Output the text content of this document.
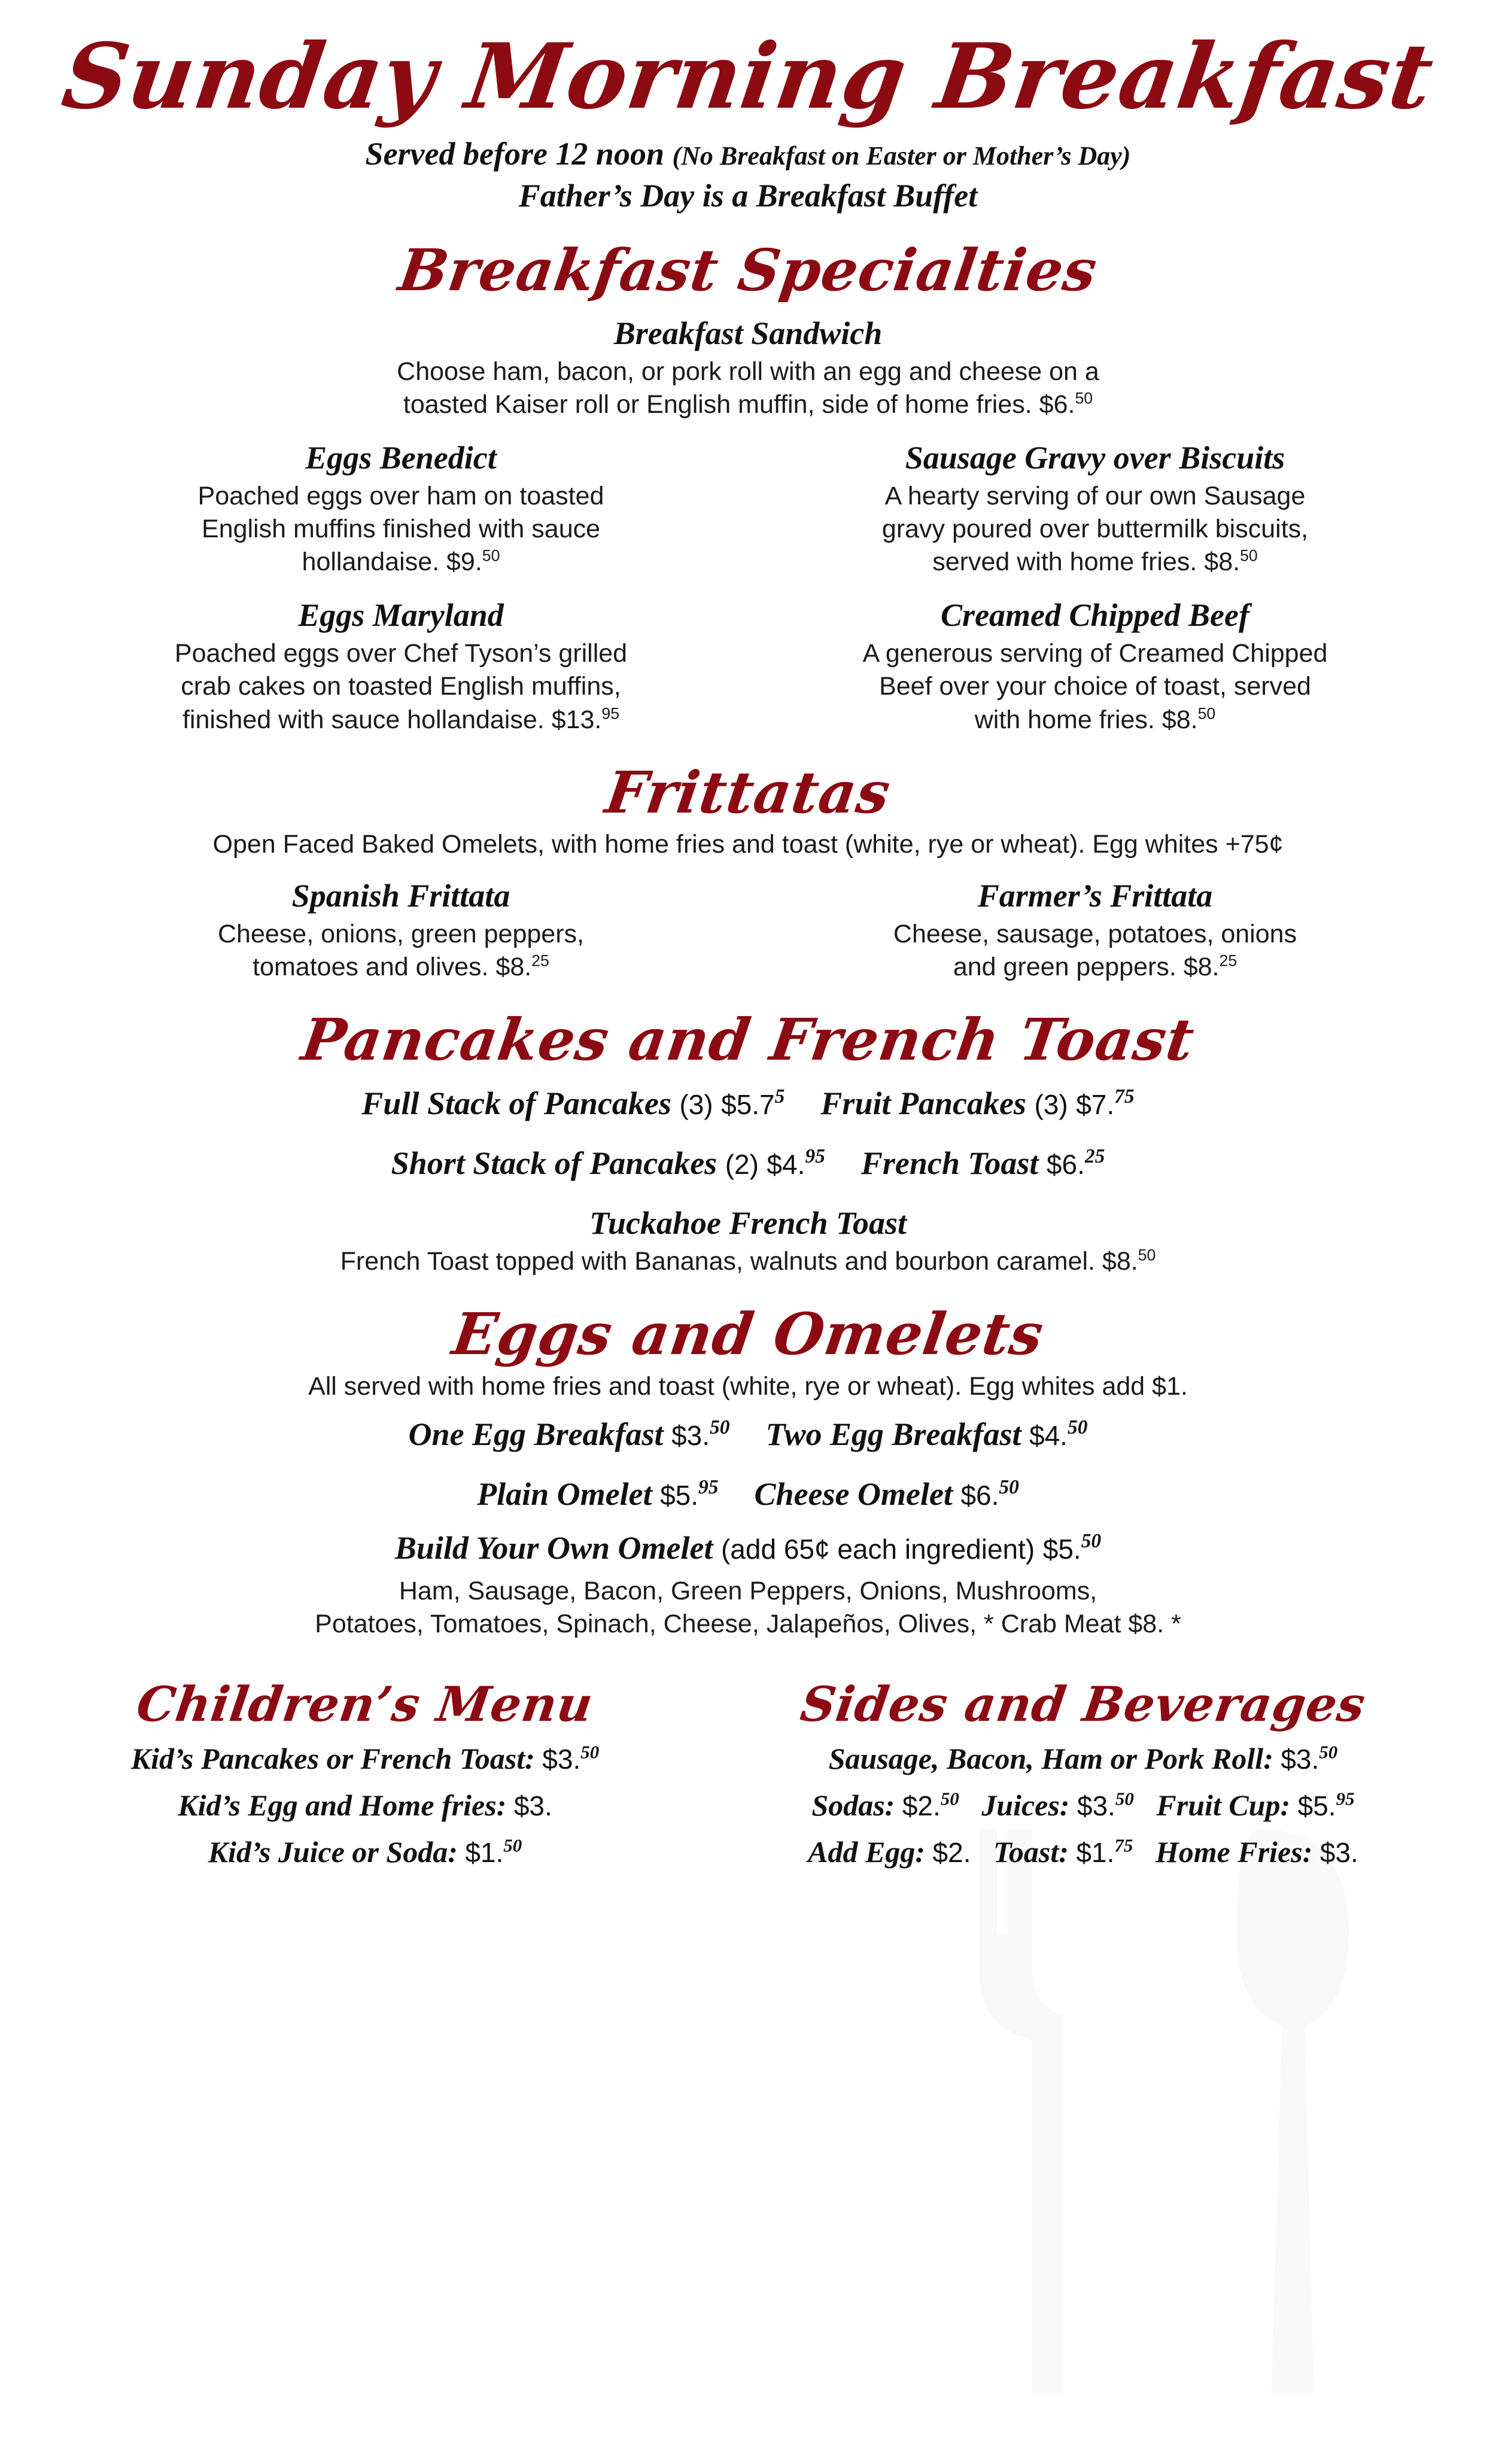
Sunday Morning Breakfast
Served before 12 noon (No Breakfast on Easter or Mother’s Day)
Father’s Day is a Breakfast Buffet
Breakfast Specialties
Breakfast Sandwich
Choose ham, bacon, or pork roll with an egg and cheese on a
toasted Kaiser roll or English muffin, side of home fries. $6.50
Eggs Benedict
Poached eggs over ham on toasted
English muffins finished with sauce
hollandaise. $9.50
Sausage Gravy over Biscuits
A hearty serving of our own Sausage
gravy poured over buttermilk biscuits,
served with home fries. $8.50
Eggs Maryland
Poached eggs over Chef Tyson’s grilled
crab cakes on toasted English muffins,
finished with sauce hollandaise. $13.95
Creamed Chipped Beef
A generous serving of Creamed Chipped
Beef over your choice of toast, served
with home fries. $8.50
Frittatas
Open Faced Baked Omelets, with home fries and toast (white, rye or wheat). Egg whites +75¢
Spanish Frittata
Cheese, onions, green peppers,
tomatoes and olives. $8.25
Farmer’s Frittata
Cheese, sausage, potatoes, onions
and green peppers. $8.25
Pancakes and French Toast
Full Stack of Pancakes (3) $\$5.7^5$ Fruit Pancakes (3) $7.75
Short Stack of Pancakes (2) $4.95 French Toast $6.25
Tuckahoe French Toast
French Toast topped with Bananas, walnuts and bourbon caramel. $8.50
Eggs and Omelets
All served with home fries and toast (white, rye or wheat). Egg whites add $1.
One Egg Breakfast $3.50 Two Egg Breakfast $4.50
Plain Omelet $5.95 Cheese Omelet $6.50
Build Your Own Omelet (add 65¢ each ingredient) $5.50
Ham, Sausage, Bacon, Green Peppers, Onions, Mushrooms,
Potatoes, Tomatoes, Spinach, Cheese, Jalapeños, Olives, * Crab Meat $8. *
Children’s Menu
Kid’s Pancakes or French Toast: $3.50
Kid’s Egg and Home fries: $3.
Kid’s Juice or Soda: $1.50
Sides and Beverages
Sausage, Bacon, Ham or Pork Roll: $3.50
Sodas: $2.50 Juices: $3.50 Fruit Cup: $5.95
Add Egg: $2. Toast: $1.75 Home Fries: $3.
